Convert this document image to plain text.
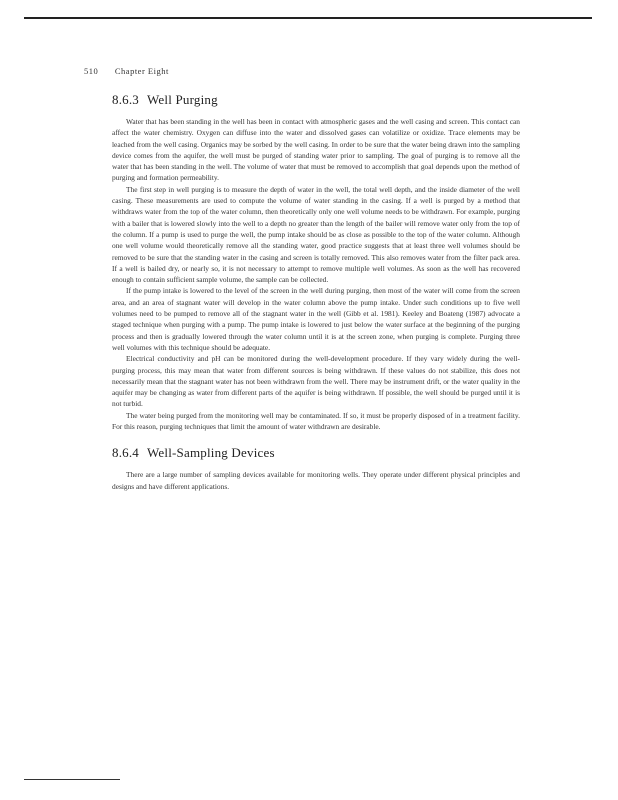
510 Chapter Eight
8.6.3 Well Purging

Water that has been standing in the well has been in contact with atmospheric gases and the well casing and screen. This contact can affect the water chemistry. Oxygen can diffuse into the water and dissolved gases can volatilize or oxidize. Trace elements may be leached from the well casing. Organics may be sorbed by the well casing. In order to be sure that the water being drawn into the sampling device comes from the aquifer, the well must be purged of standing water prior to sampling. The goal of purging is to remove all the water that has been standing in the well. The volume of water that must be removed to accomplish that goal depends upon the method of purging and formation permeability.

The first step in well purging is to measure the depth of water in the well, the total well depth, and the inside diameter of the well casing. These measurements are used to compute the volume of water standing in the casing. If a well is purged by a method that withdraws water from the top of the water column, then theoretically only one well volume needs to be withdrawn. For example, purging with a bailer that is lowered slowly into the well to a depth no greater than the length of the bailer will remove water only from the top of the column. If a pump is used to purge the well, the pump intake should be as close as possible to the top of the water column. Although one well volume would theoretically remove all the standing water, good practice suggests that at least three well volumes should be removed to be sure that the standing water in the casing and screen is totally removed. This also removes water from the filter pack area. If a well is bailed dry, or nearly so, it is not necessary to attempt to remove multiple well volumes. As soon as the well has recovered enough to contain sufficient sample volume, the sample can be collected.

If the pump intake is lowered to the level of the screen in the well during purging, then most of the water will come from the screen area, and an area of stagnant water will develop in the water column above the pump intake. Under such conditions up to five well volumes need to be pumped to remove all of the stagnant water in the well (Gibb et al. 1981). Keeley and Boateng (1987) advocate a staged technique when purging with a pump. The pump intake is lowered to just below the water surface at the beginning of the purging process and then is gradually lowered through the water column until it is at the screen zone, when purging is complete. Purging three well volumes with this technique should be adequate.

Electrical conductivity and pH can be monitored during the well-development procedure. If they vary widely during the well-purging process, this may mean that water from different sources is being withdrawn. If these values do not stabilize, this does not necessarily mean that the stagnant water has not been withdrawn from the well. There may be instrument drift, or the water quality in the aquifer may be changing as water from different parts of the aquifer is being withdrawn. If possible, the well should be purged until it is not turbid.

The water being purged from the monitoring well may be contaminated. If so, it must be properly disposed of in a treatment facility. For this reason, purging techniques that limit the amount of water withdrawn are desirable.

8.6.4 Well-Sampling Devices

There are a large number of sampling devices available for monitoring wells. They operate under different physical principles and designs and have different applications.
